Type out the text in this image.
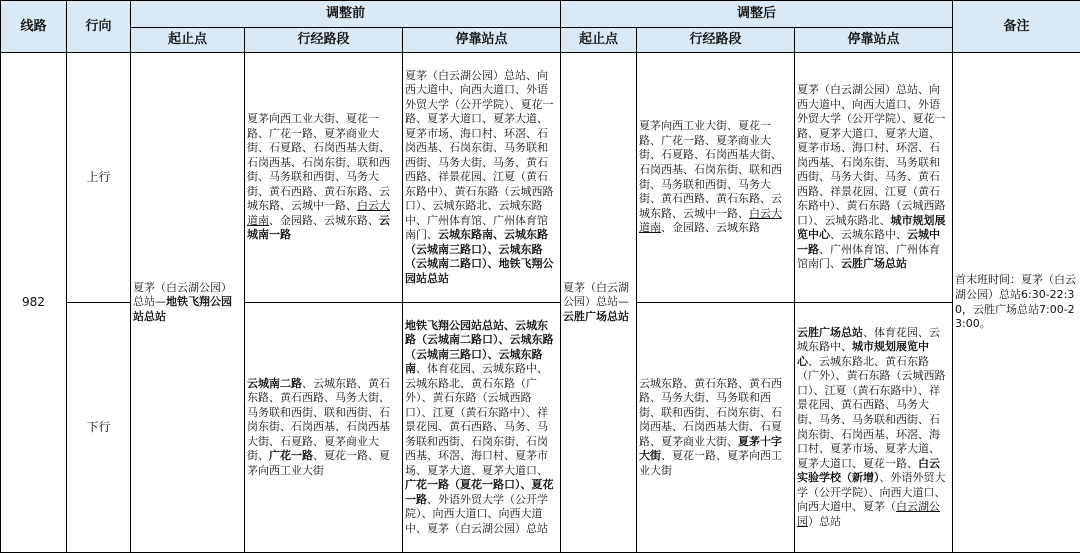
线路	行向	调整前			调整后			备注
		起止点	行经路段	停靠站点	起止点	行经路段	停靠站点	
982	上行	夏茅（白云湖公园）总站—地铁飞翔公园站总站	夏茅向西工业大街、夏花一路、广花一路、夏茅商业大街、石夏路、石岗西基大街、石岗西基、石岗东街、联和西街、马务联和西街、马务大街、黄石西路、黄石东路、云城东路、云城中一路、白云大道南、金园路、云城东路、云城南一路	夏茅（白云湖公园）总站、向西大道中、向西大道口、外语外贸大学（公开学院）、夏花一路、夏茅大道口、夏茅大道、夏茅市场、海口村、环滘、石岗西基、石岗东街、马务联和西街、马务大街、马务、黄石西路、祥景花园、江夏（黄石东路中）、黄石东路（云城西路口）、云城东路北、云城东路中、广州体育馆、广州体育馆南门、云城东路南、云城东路（云城南三路口）、云城东路（云城南二路口）、地铁飞翔公园站总站	夏茅（白云湖公园）总站—云胜广场总站	夏茅向西工业大街、夏花一路、广花一路、夏茅商业大街、石夏路、石岗西基大街、石岗西基、石岗东街、联和西街、马务联和西街、马务大街、黄石西路、黄石东路、云城东路、云城中一路、白云大道南、金园路、云城东路	夏茅（白云湖公园）总站、向西大道中、向西大道口、外语外贸大学（公开学院）、夏花一路、夏茅大道口、夏茅大道、夏茅市场、海口村、环滘、石岗西基、石岗东街、马务联和西街、马务大街、马务、黄石西路、祥景花园、江夏（黄石东路中）、黄石东路（云城西路口）、云城东路北、城市规划展览中心、云城东路中、云城中一路、广州体育馆、广州体育馆南门、云胜广场总站	首末班时间：夏茅（白云湖公园）总站6:30-22:30，云胜广场总站7:00-23:00。
	下行		云城南二路、云城东路、黄石东路、黄石西路、马务大街、马务联和西街、联和西街、石岗东街、石岗西基、石岗西基大街、石夏路、夏茅商业大街、广花一路、夏花一路、夏茅向西工业大街	地铁飞翔公园站总站、云城东路（云城南二路口）、云城东路（云城南三路口）、云城东路南、体育花园、云城东路中、云城东路北、黄石东路（广外）、黄石东路（云城西路口）、江夏（黄石东路中）、祥景花园、黄石西路、马务、马务联和西街、石岗东街、石岗西基、环滘、海口村、夏茅市场、夏茅大道、夏茅大道口、广花一路（夏花一路口）、夏花一路、外语外贸大学（公开学院）、向西大道口、向西大道中、夏茅（白云湖公园）总站		云城东路、黄石东路、黄石西路、马务大街、马务联和西街、联和西街、石岗东街、石岗西基、石岗西基大街、石夏路、夏茅商业大街、夏茅十字大街、夏花一路、夏茅向西工业大街	云胜广场总站、体育花园、云城东路中、城市规划展览中心、云城东路北、黄石东路（广外）、黄石东路（云城西路口）、江夏（黄石东路中）、祥景花园、黄石西路、马务大街、马务、马务联和西街、石岗东街、石岗西基、环滘、海口村、夏茅市场、夏茅大道、夏茅大道口、夏花一路、白云实验学校（新增）、外语外贸大学（公开学院）、向西大道口、向西大道中、夏茅（白云湖公园）总站	
